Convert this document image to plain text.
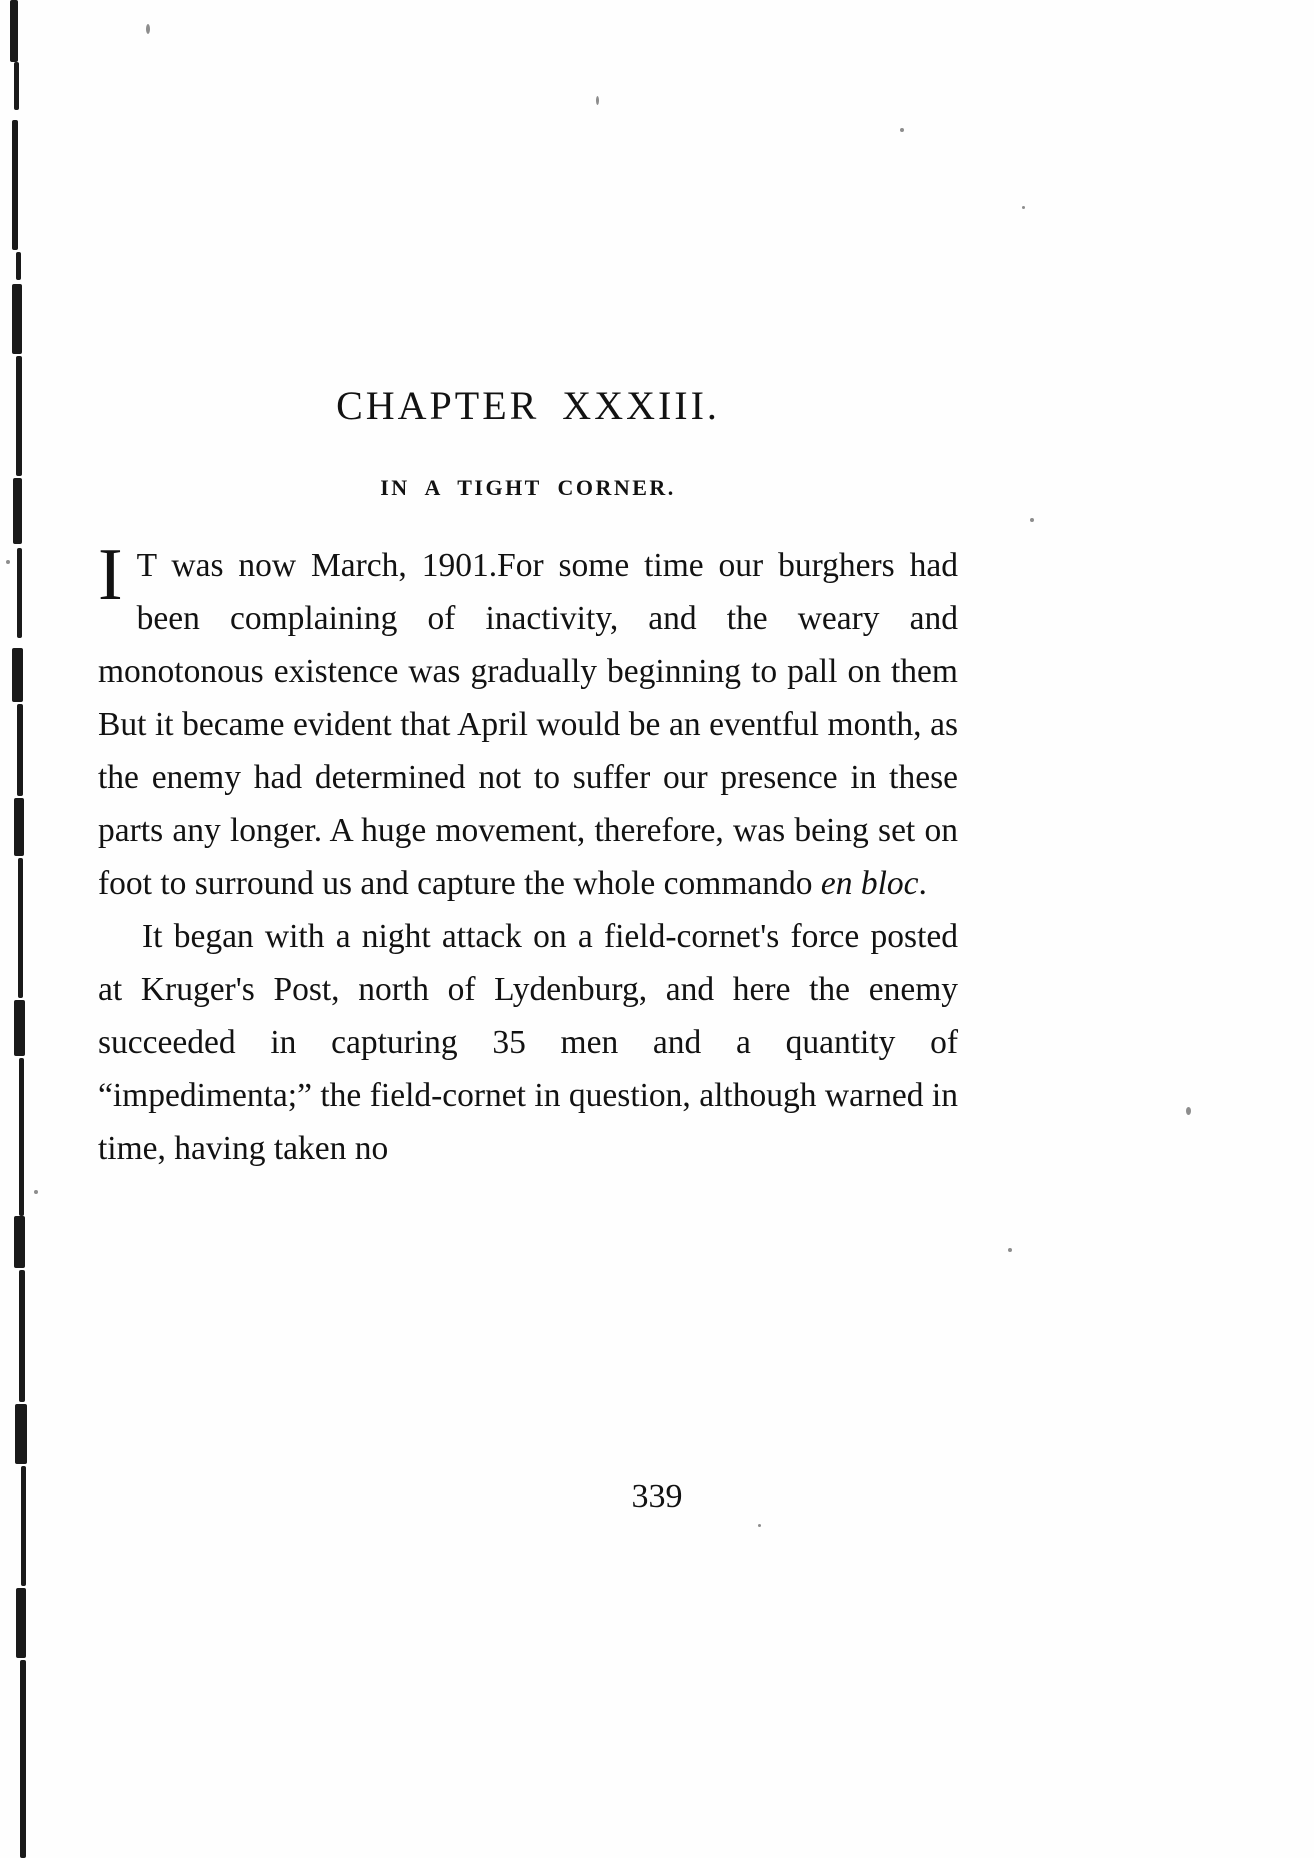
CHAPTER XXXIII.
IN A TIGHT CORNER.

I T was now March, 1901.For some time our burghers had been complaining of inactivity, and the weary and monotonous existence was gradually beginning to pall on them But it became evident that April would be an eventful month, as the enemy had determined not to suffer our presence in these parts any longer. A huge movement, therefore, was being set on foot to surround us and capture the whole commando en bloc.

It began with a night attack on a field-cornet's force posted at Kruger's Post, north of Lydenburg, and here the enemy succeeded in capturing 35 men and a quantity of “impedimenta;” the field-cornet in question, although warned in time, having taken no

339
